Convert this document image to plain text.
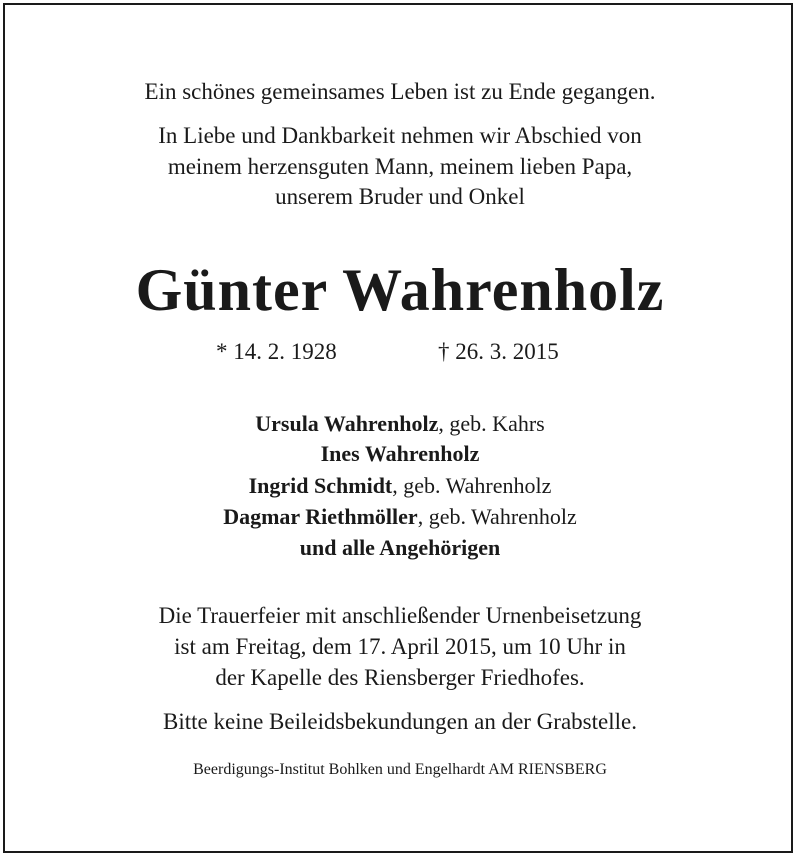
Ein schönes gemeinsames Leben ist zu Ende gegangen.
In Liebe und Dankbarkeit nehmen wir Abschied von
meinem herzensguten Mann, meinem lieben Papa,
unserem Bruder und Onkel
Günter Wahrenholz
* 14. 2. 1928	† 26. 3. 2015
Ursula Wahrenholz, geb. Kahrs
Ines Wahrenholz
Ingrid Schmidt, geb. Wahrenholz
Dagmar Riethmöller, geb. Wahrenholz
und alle Angehörigen
Die Trauerfeier mit anschließender Urnenbeisetzung
ist am Freitag, dem 17. April 2015, um 10 Uhr in
der Kapelle des Riensberger Friedhofes.
Bitte keine Beileidsbekundungen an der Grabstelle.
Beerdigungs-Institut Bohlken und Engelhardt AM RIENSBERG
